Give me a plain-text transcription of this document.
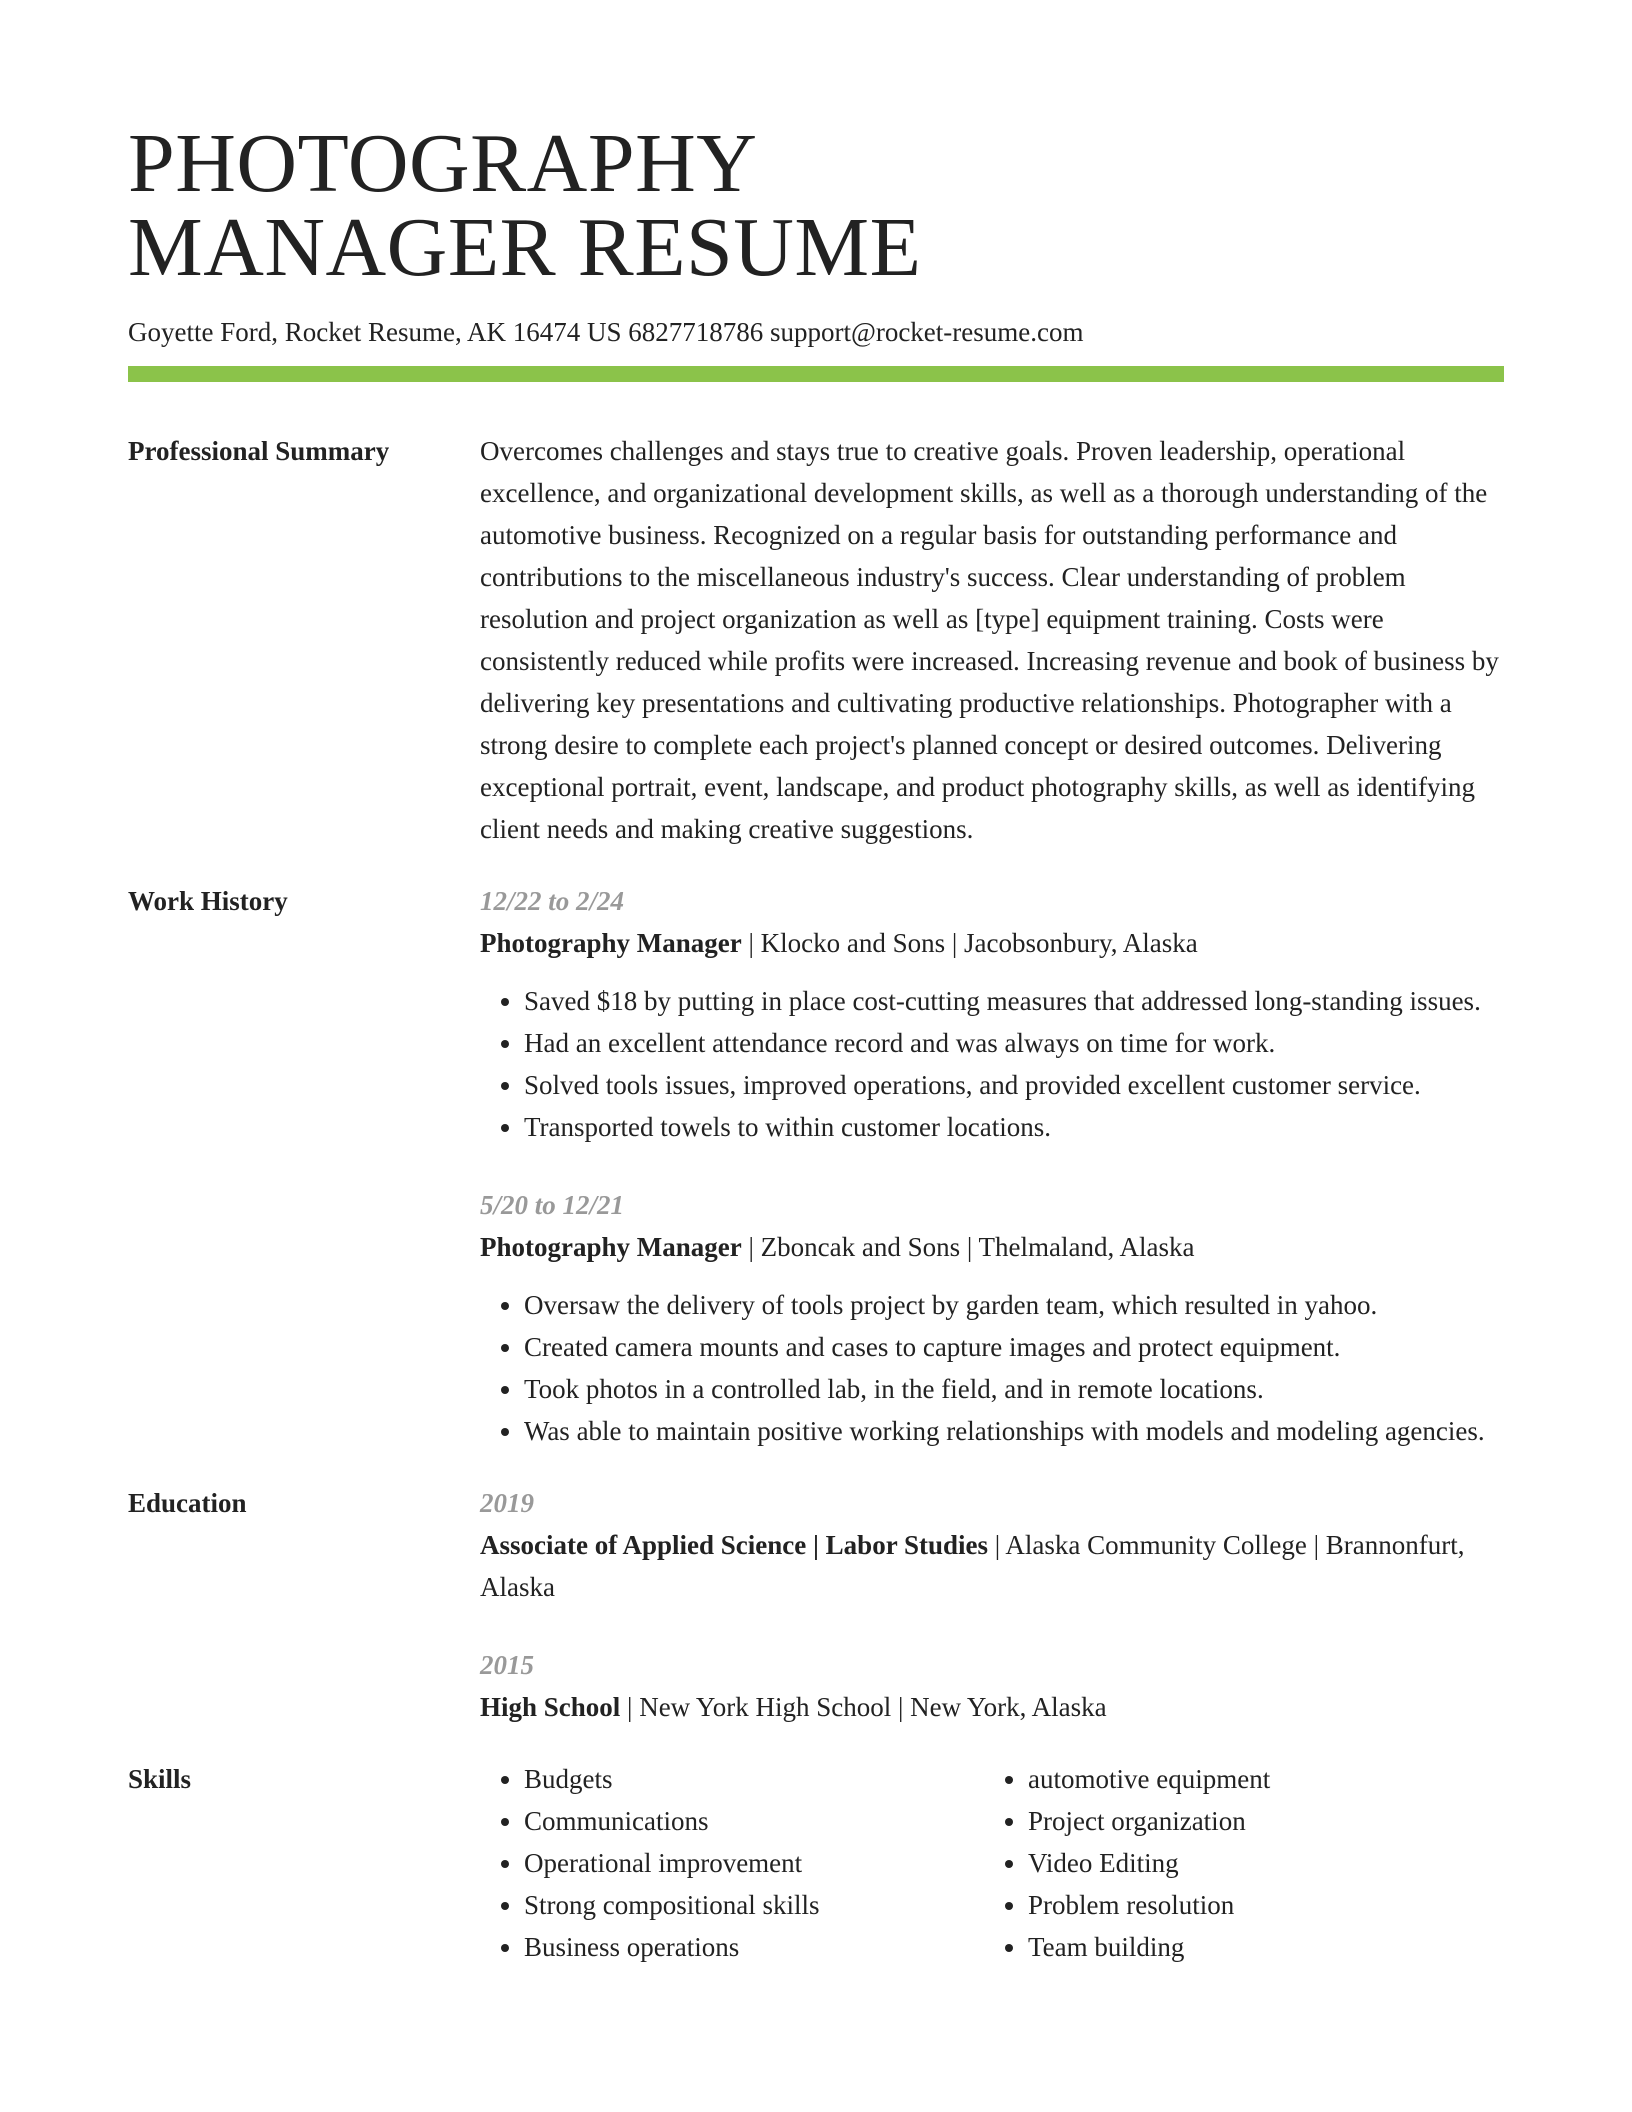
PHOTOGRAPHY
MANAGER RESUME
Goyette Ford, Rocket Resume, AK 16474 US 6827718786 support@rocket-resume.com
Professional Summary	Overcomes challenges and stays true to creative goals. Proven leadership, operational excellence, and organizational development skills, as well as a thorough understanding of the automotive business. Recognized on a regular basis for outstanding performance and contributions to the miscellaneous industry's success. Clear understanding of problem resolution and project organization as well as [type] equipment training. Costs were consistently reduced while profits were increased. Increasing revenue and book of business by delivering key presentations and cultivating productive relationships. Photographer with a strong desire to complete each project's planned concept or desired outcomes. Delivering exceptional portrait, event, landscape, and product photography skills, as well as identifying client needs and making creative suggestions.

Work History	12/22 to 2/24

Photography Manager | Klocko and Sons | Jacobsonbury, Alaska

• Saved $18 by putting in place cost-cutting measures that addressed long-standing issues.
• Had an excellent attendance record and was always on time for work.
• Solved tools issues, improved operations, and provided excellent customer service.
• Transported towels to within customer locations.
5/20 to 12/21

Photography Manager | Zboncak and Sons | Thelmaland, Alaska

• Oversaw the delivery of tools project by garden team, which resulted in yahoo.
• Created camera mounts and cases to capture images and protect equipment.
• Took photos in a controlled lab, in the field, and in remote locations.
• Was able to maintain positive working relationships with models and modeling agencies.
Education	2019

Associate of Applied Science | Labor Studies | Alaska Community College | Brannonfurt, Alaska

2015

High School | New York High School | New York, Alaska

Skills
•	Budgets
• Communications
• Operational improvement
• Strong compositional skills
• Business operations
• automotive equipment
• Project organization
• Video Editing
• Problem resolution
• Team building
